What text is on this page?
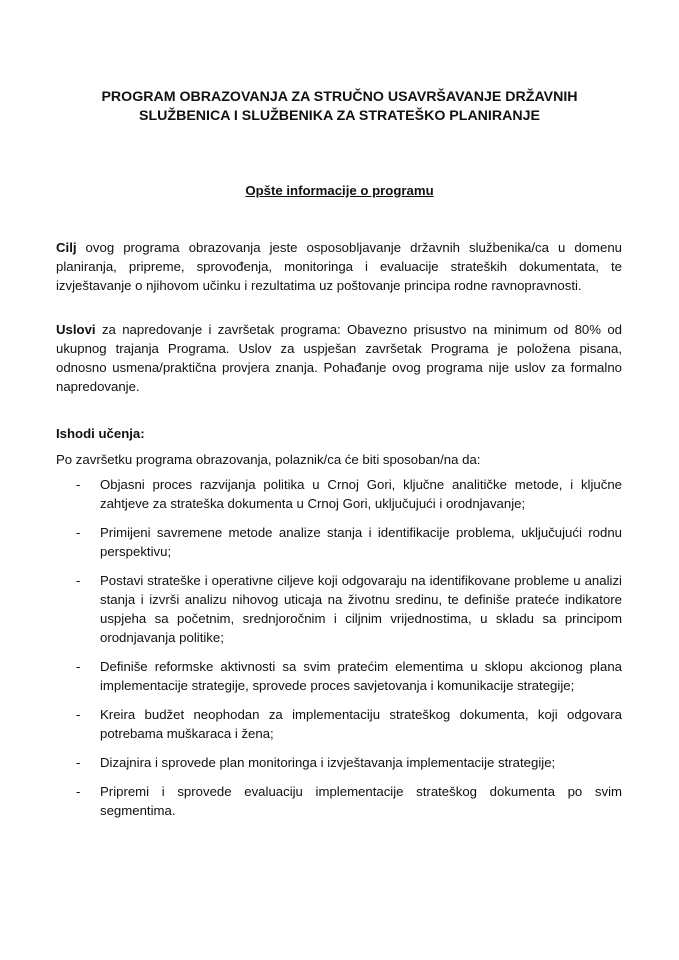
PROGRAM OBRAZOVANJA ZA STRUČNO USAVRŠAVANJE DRŽAVNIH
SLUŽBENICA I SLUŽBENIKA ZA STRATEŠKO PLANIRANJE
Opšte informacije o programu
Cilj ovog programa obrazovanja jeste osposobljavanje državnih službenika/ca u domenu planiranja, pripreme, sprovođenja, monitoringa i evaluacije strateških dokumentata, te izvještavanje o njihovom učinku i rezultatima uz poštovanje principa rodne ravnopravnosti.
Uslovi za napredovanje i završetak programa: Obavezno prisustvo na minimum od 80% od ukupnog trajanja Programa. Uslov za uspješan završetak Programa je položena pisana, odnosno usmena/praktična provjera znanja. Pohađanje ovog programa nije uslov za formalno napredovanje.
Ishodi učenja:
Po završetku programa obrazovanja, polaznik/ca će biti sposoban/na da:
- Objasni proces razvijanja politika u Crnoj Gori, ključne analitičke metode, i ključne zahtjeve za strateška dokumenta u Crnoj Gori, uključujući i orodnjavanje;
- Primijeni savremene metode analize stanja i identifikacije problema, uključujući rodnu perspektivu;
- Postavi strateške i operativne ciljeve koji odgovaraju na identifikovane probleme u analizi stanja i izvrši analizu nihovog uticaja na životnu sredinu, te definiše prateće indikatore uspjeha sa početnim, srednjoročnim i ciljnim vrijednostima, u skladu sa principom orodnjavanja politike;
- Definiše reformske aktivnosti sa svim pratećim elementima u sklopu akcionog plana implementacije strategije, sprovede proces savjetovanja i komunikacije strategije;
- Kreira budžet neophodan za implementaciju strateškog dokumenta, koji odgovara potrebama muškaraca i žena;
- Dizajnira i sprovede plan monitoringa i izvještavanja implementacije strategije;
- Pripremi i sprovede evaluaciju implementacije strateškog dokumenta po svim segmentima.
